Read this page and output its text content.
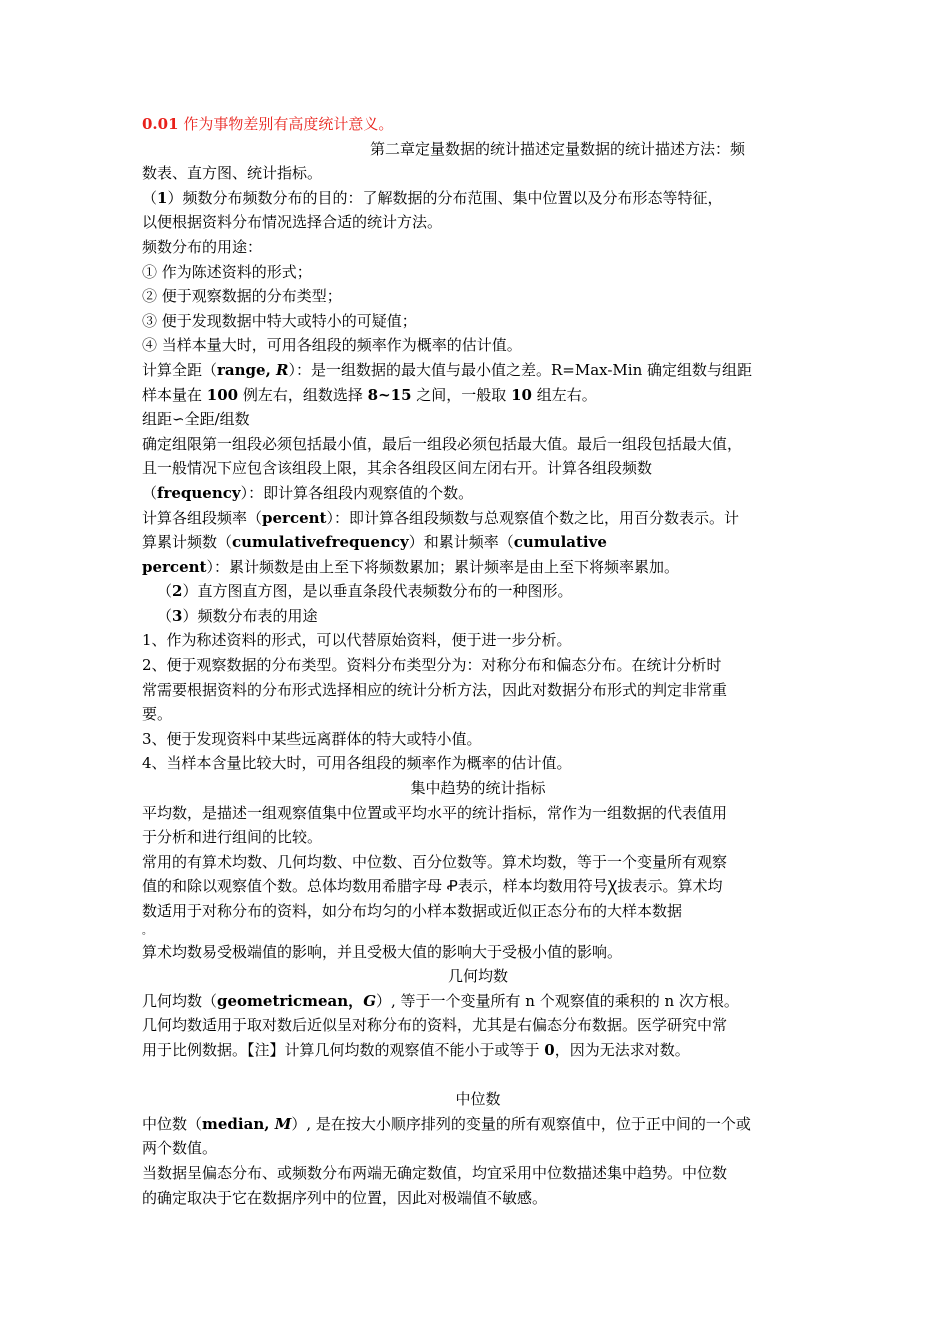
0.01 作为事物差别有高度统计意义。
第二章定量数据的统计描述定量数据的统计描述方法：频
数表、直方图、统计指标。
（1）频数分布频数分布的目的：了解数据的分布范围、集中位置以及分布形态等特征，
以便根据资料分布情况选择合适的统计方法。
频数分布的用途：
① 作为陈述资料的形式；
② 便于观察数据的分布类型；
③ 便于发现数据中特大或特小的可疑值；
④ 当样本量大时，可用各组段的频率作为概率的估计值。
计算全距（range, R）：是一组数据的最大值与最小值之差。R=Max-Min 确定组数与组距
样本量在 100 例左右，组数选择 8~15 之间，一般取 10 组左右。
组距∽全距/组数
确定组限第一组段必须包括最小值，最后一组段必须包括最大值。最后一组段包括最大值，
且一般情况下应包含该组段上限，其余各组段区间左闭右开。计算各组段频数
（frequency）：即计算各组段内观察值的个数。
计算各组段频率（percent）：即计算各组段频数与总观察值个数之比，用百分数表示。计
算累计频数（cumulativefrequency）和累计频率（cumulative
percent）：累计频数是由上至下将频数累加；累计频率是由上至下将频率累加。
（2）直方图直方图，是以垂直条段代表频数分布的一种图形。
（3）频数分布表的用途
1、作为称述资料的形式，可以代替原始资料，便于进一步分析。
2、便于观察数据的分布类型。资料分布类型分为：对称分布和偏态分布。在统计分析时
常需要根据资料的分布形式选择相应的统计分析方法，因此对数据分布形式的判定非常重
要。
3、便于发现资料中某些远离群体的特大或特小值。
4、当样本含量比较大时，可用各组段的频率作为概率的估计值。
集中趋势的统计指标
平均数，是描述一组观察值集中位置或平均水平的统计指标，常作为一组数据的代表值用
于分析和进行组间的比较。
常用的有算术均数、几何均数、中位数、百分位数等。算术均数，等于一个变量所有观察
值的和除以观察值个数。总体均数用希腊字母 Ꝓ表示，样本均数用符号Ꭓ拔表示。算术均
数适用于对称分布的资料，如分布均匀的小样本数据或近似正态分布的大样本数据
。
算术均数易受极端值的影响，并且受极大值的影响大于受极小值的影响。
几何均数
几何均数（geometricmean，G）, 等于一个变量所有 n 个观察值的乘积的 n 次方根。
几何均数适用于取对数后近似呈对称分布的资料，尤其是右偏态分布数据。医学研究中常
用于比例数据。【注】计算几何均数的观察值不能小于或等于 0，因为无法求对数。
中位数
中位数（median, M）, 是在按大小顺序排列的变量的所有观察值中，位于正中间的一个或
两个数值。
当数据呈偏态分布、或频数分布两端无确定数值，均宜采用中位数描述集中趋势。中位数
的确定取决于它在数据序列中的位置，因此对极端值不敏感。
